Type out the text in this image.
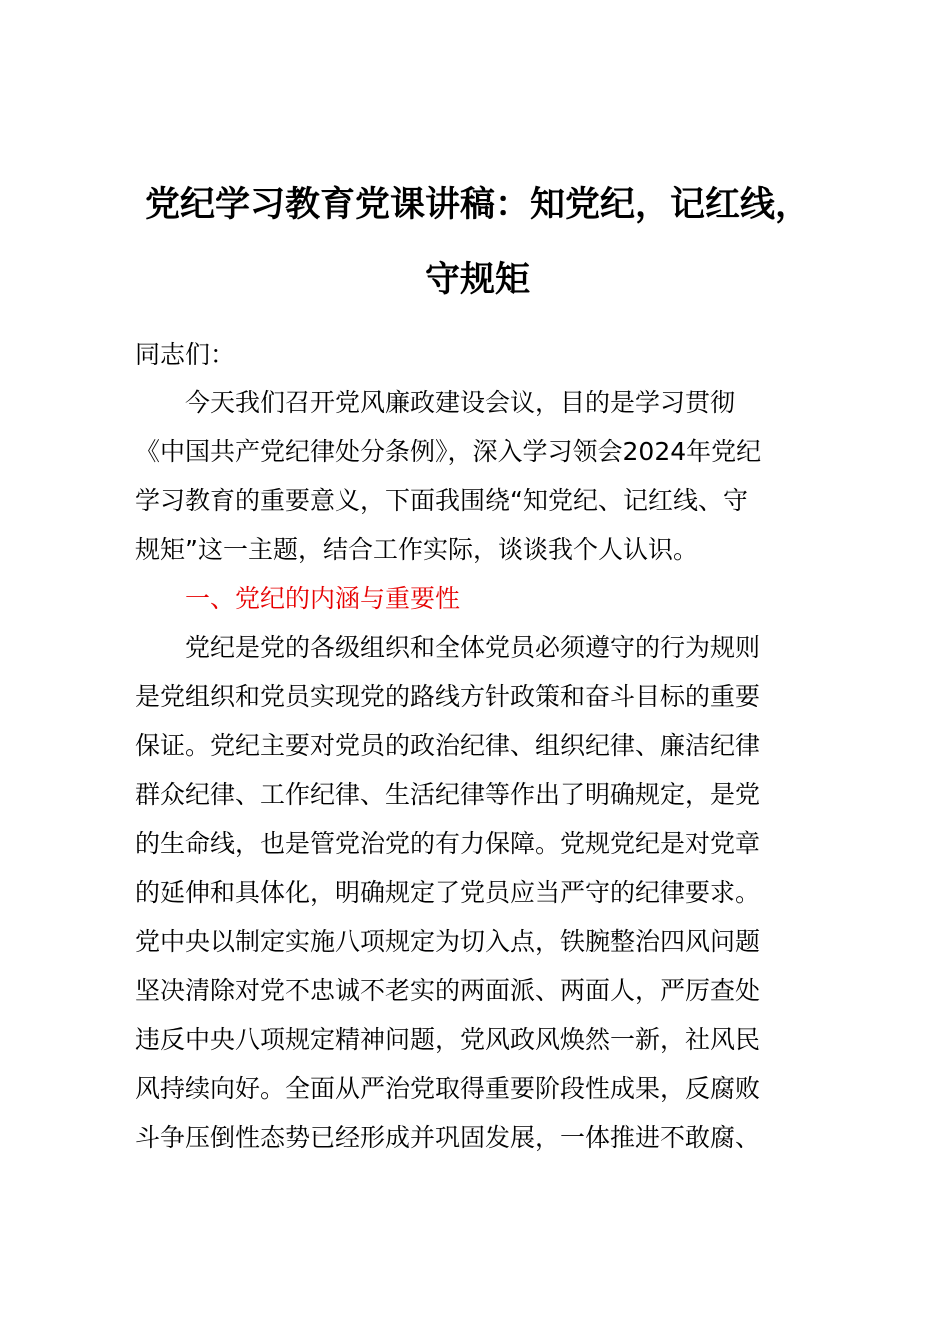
党纪学习教育党课讲稿：知党纪，记红线，
守规矩

同志们：

今天我们召开党风廉政建设会议，目的是学习贯彻

《中国共产党纪律处分条例》，深入学习领会2024年党纪

学习教育的重要意义，下面我围绕“知党纪、记红线、守

规矩”这一主题，结合工作实际，谈谈我个人认识。

一、党纪的内涵与重要性

党纪是党的各级组织和全体党员必须遵守的行为规则

是党组织和党员实现党的路线方针政策和奋斗目标的重要

保证。党纪主要对党员的政治纪律、组织纪律、廉洁纪律

群众纪律、工作纪律、生活纪律等作出了明确规定，是党

的生命线，也是管党治党的有力保障。党规党纪是对党章

的延伸和具体化，明确规定了党员应当严守的纪律要求。

党中央以制定实施八项规定为切入点，铁腕整治四风问题

坚决清除对党不忠诚不老实的两面派、两面人，严厉查处

违反中央八项规定精神问题，党风政风焕然一新，社风民

风持续向好。全面从严治党取得重要阶段性成果，反腐败

斗争压倒性态势已经形成并巩固发展，一体推进不敢腐、
